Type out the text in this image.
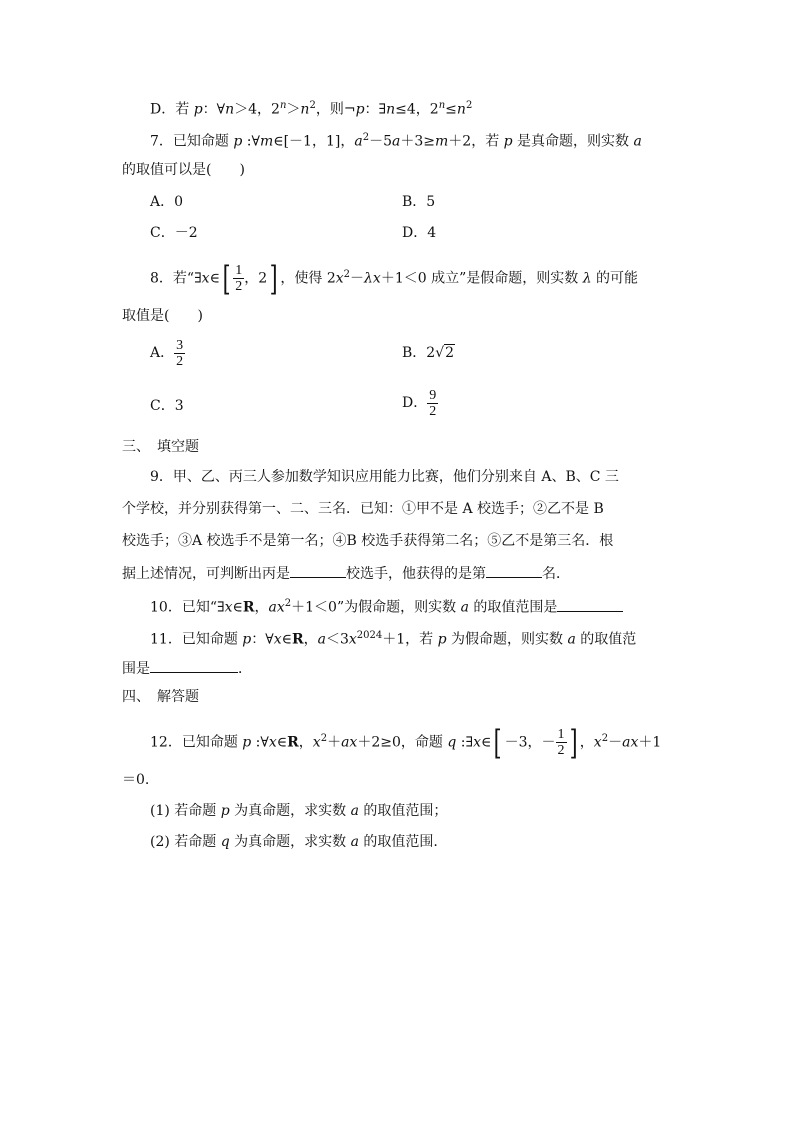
D．若 p：∀n＞4，$2^n>n^2$，则¬p：∃n≤4，$2^n\le n^2$
7．已知命题 p :∀m∈[－1，1]，$a^2-5a+3\ge m+2$，若 p 是真命题，则实数 a
的取值可以是(　　)
A．0	B．5
C．－2	D．4
8．若“∃x∈[ $\frac{1}{2}$ ，2] ，使得 $2x^2-\lambda x+1<0$ 成立”是假命题，则实数 λ 的可能
取值是(　　)
A． $\frac{3}{2}$	B．2√2
C．3	D． $\frac{9}{2}$
三、　填空题
9．甲、乙、丙三人参加数学知识应用能力比赛，他们分别来自 A、B、C 三
个学校，并分别获得第一、二、三名．已知：①甲不是 A 校选手；②乙不是 B
校选手；③A 校选手不是第一名；④B 校选手获得第二名；⑤乙不是第三名．根
据上述情况，可判断出丙是	校选手，他获得的是第	名．
10．已知“∃x∈R，$ax^2+1<0$”为假命题，则实数 a 的取值范围是
11．已知命题 p：∀x∈R，$a<3x^{2024}+1$，若 p 为假命题，则实数 a 的取值范
围是	．
四、　解答题
12．已知命题 p :∀x∈R，$x^2+ax+2\ge 0$，命题 q :∃x∈[ －3，－ $\frac{1}{2}$ ] ，$x^2-ax+1$
＝0.
(1) 若命题 p 为真命题，求实数 a 的取值范围；
(2) 若命题 q 为真命题，求实数 a 的取值范围.
